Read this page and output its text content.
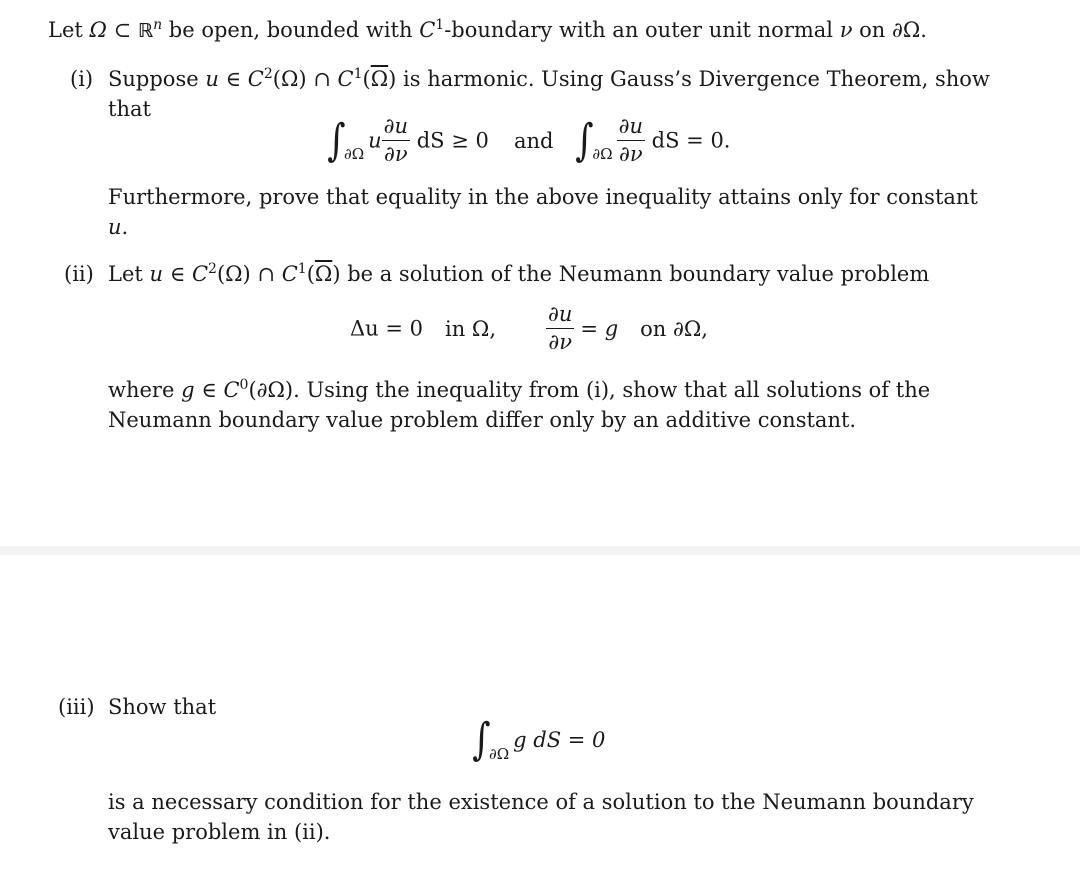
Let Ω ⊂ ℝ$^n$ be open, bounded with $C^1$-boundary with an outer unit normal ν on ∂Ω.
(i) Suppose u ∈ $C^2(\Omega)$ ∩ $C^1(\overline{\Omega})$ is harmonic. Using Gauss’s Divergence Theorem, show
that
$\int\partial\Omega u \frac{\partial u}{\partial\nu}$ dS ≥ 0 and $\int\partial\Omega \frac{\partial u}{\partial\nu}$ dS = 0.
Furthermore, prove that equality in the above inequality attains only for constant
u.
(ii) Let u ∈ $C^2(\Omega)$ ∩ $C^1(\overline{\Omega})$ be a solution of the Neumann boundary value problem
Δu = 0 in Ω, $\frac{\partial u}{\partial\nu} = g$ on ∂Ω,
where g ∈ $C^0(\partial\Omega)$. Using the inequality from (i), show that all solutions of the
Neumann boundary value problem differ only by an additive constant.
(iii) Show that
∫∂Ωg dS = 0
is a necessary condition for the existence of a solution to the Neumann boundary
value problem in (ii).
